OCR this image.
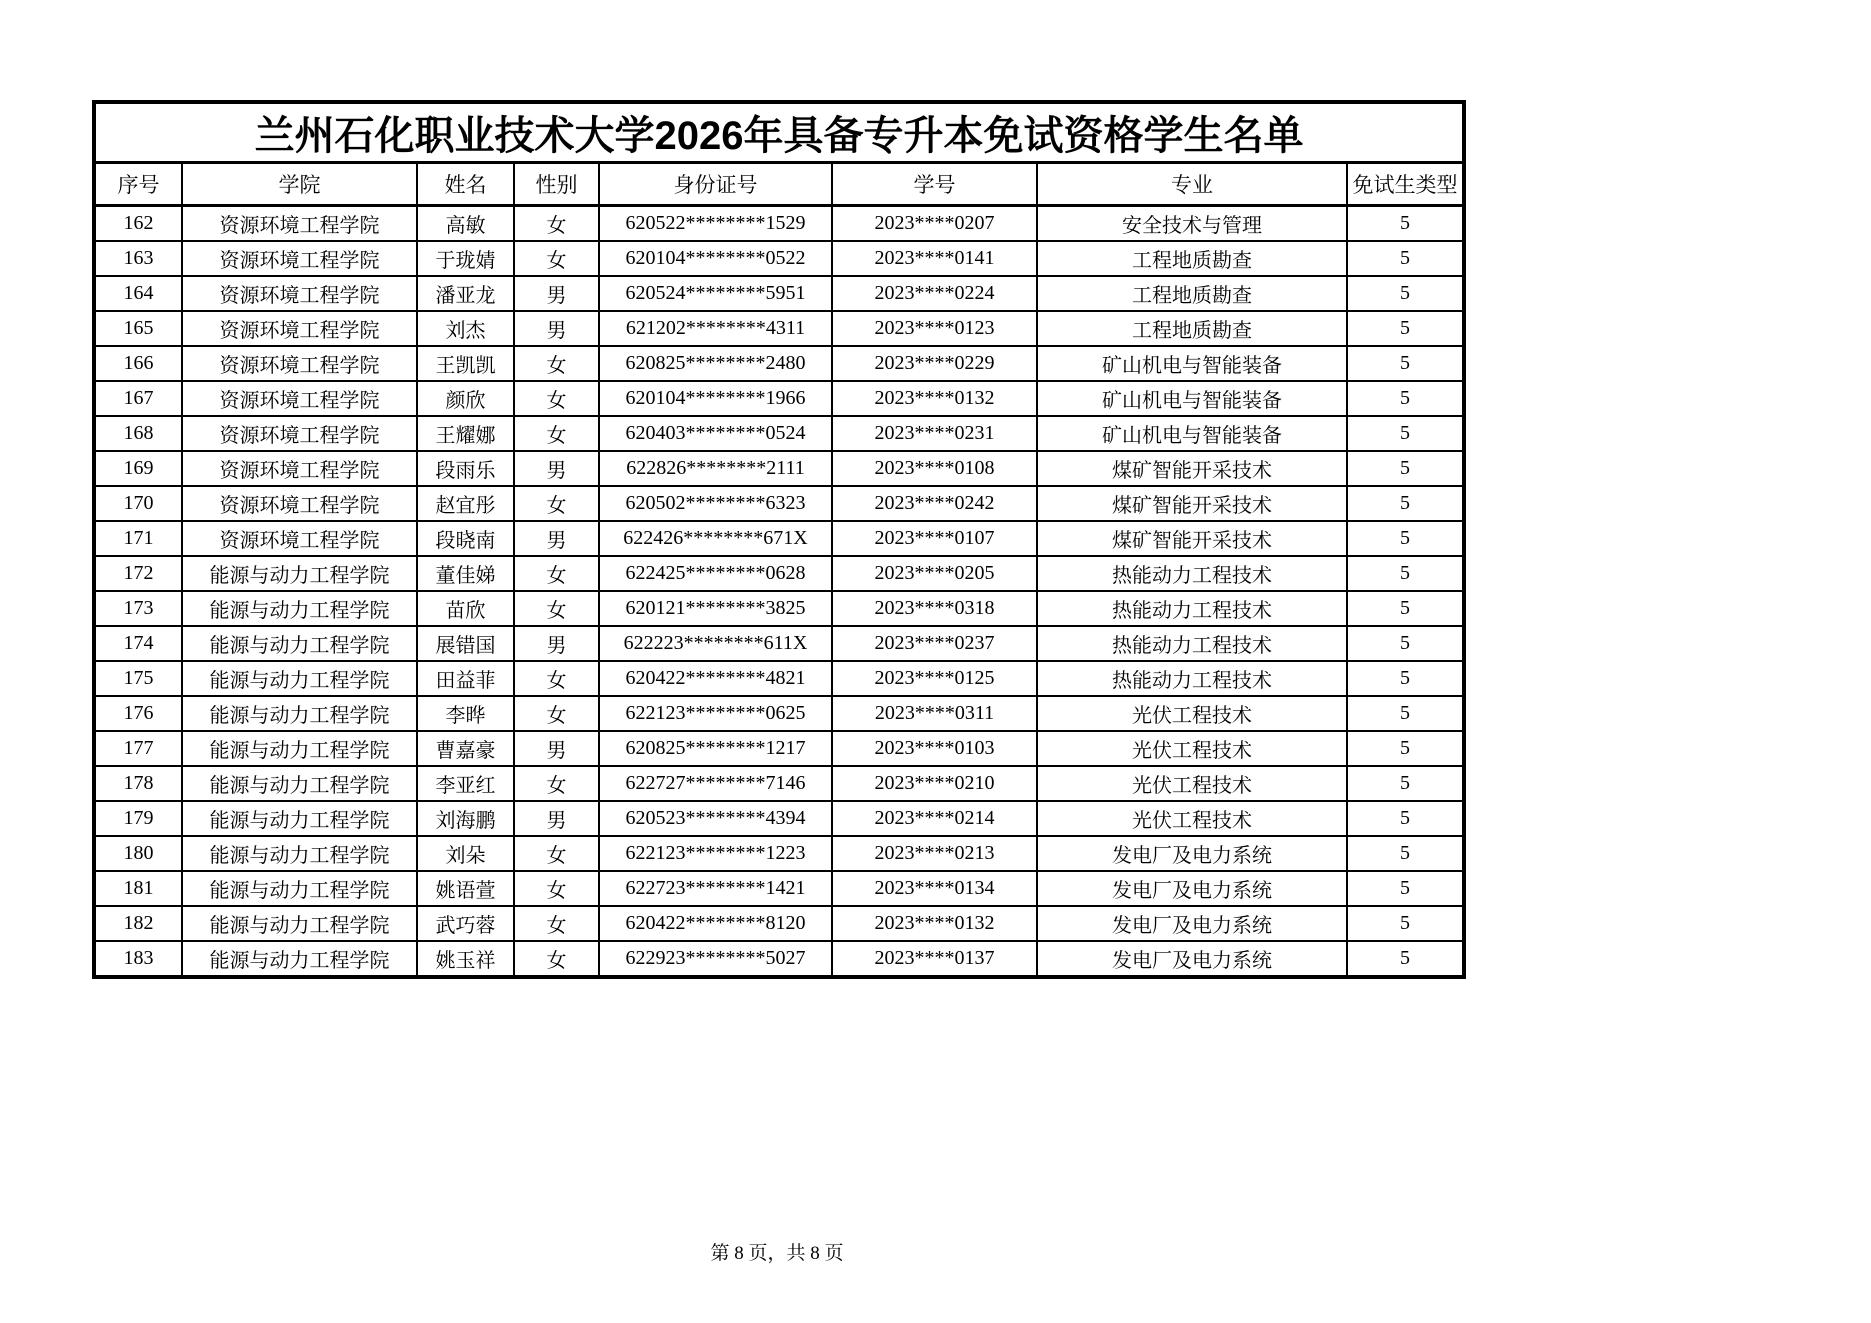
兰州石化职业技术大学2026年具备专升本免试资格学生名单							
序号	学院	姓名	性别	身份证号	学号	专业	免试生类型
162	资源环境工程学院	高敏	女	620522********1529	2023****0207	安全技术与管理	5
163	资源环境工程学院	于珑婧	女	620104********0522	2023****0141	工程地质勘查	5
164	资源环境工程学院	潘亚龙	男	620524********5951	2023****0224	工程地质勘查	5
165	资源环境工程学院	刘杰	男	621202********4311	2023****0123	工程地质勘查	5
166	资源环境工程学院	王凯凯	女	620825********2480	2023****0229	矿山机电与智能装备	5
167	资源环境工程学院	颜欣	女	620104********1966	2023****0132	矿山机电与智能装备	5
168	资源环境工程学院	王耀娜	女	620403********0524	2023****0231	矿山机电与智能装备	5
169	资源环境工程学院	段雨乐	男	622826********2111	2023****0108	煤矿智能开采技术	5
170	资源环境工程学院	赵宜彤	女	620502********6323	2023****0242	煤矿智能开采技术	5
171	资源环境工程学院	段晓南	男	622426********671X	2023****0107	煤矿智能开采技术	5
172	能源与动力工程学院	董佳娣	女	622425********0628	2023****0205	热能动力工程技术	5
173	能源与动力工程学院	苗欣	女	620121********3825	2023****0318	热能动力工程技术	5
174	能源与动力工程学院	展错国	男	622223********611X	2023****0237	热能动力工程技术	5
175	能源与动力工程学院	田益菲	女	620422********4821	2023****0125	热能动力工程技术	5
176	能源与动力工程学院	李晔	女	622123********0625	2023****0311	光伏工程技术	5
177	能源与动力工程学院	曹嘉豪	男	620825********1217	2023****0103	光伏工程技术	5
178	能源与动力工程学院	李亚红	女	622727********7146	2023****0210	光伏工程技术	5
179	能源与动力工程学院	刘海鹏	男	620523********4394	2023****0214	光伏工程技术	5
180	能源与动力工程学院	刘朵	女	622123********1223	2023****0213	发电厂及电力系统	5
181	能源与动力工程学院	姚语萱	女	622723********1421	2023****0134	发电厂及电力系统	5
182	能源与动力工程学院	武巧蓉	女	620422********8120	2023****0132	发电厂及电力系统	5
183	能源与动力工程学院	姚玉祥	女	622923********5027	2023****0137	发电厂及电力系统	5
第 8 页，共 8 页
